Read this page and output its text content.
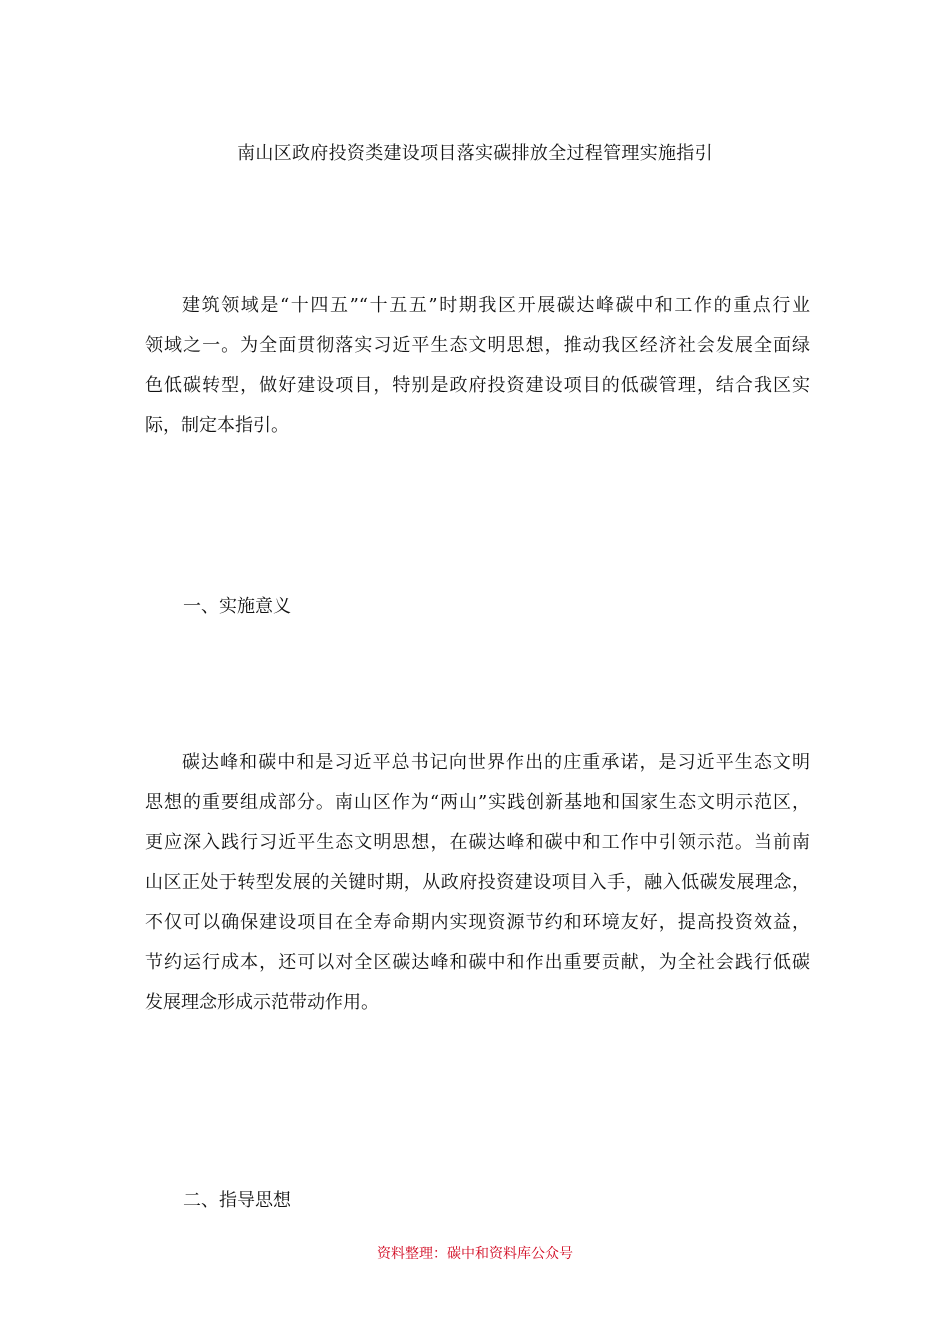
南山区政府投资类建设项目落实碳排放全过程管理实施指引
建筑领域是“十四五”“十五五”时期我区开展碳达峰碳中和工作的重点行业
领域之一。为全面贯彻落实习近平生态文明思想，推动我区经济社会发展全面绿
色低碳转型，做好建设项目，特别是政府投资建设项目的低碳管理，结合我区实
际，制定本指引。
一、实施意义
碳达峰和碳中和是习近平总书记向世界作出的庄重承诺，是习近平生态文明
思想的重要组成部分。南山区作为“两山”实践创新基地和国家生态文明示范区，
更应深入践行习近平生态文明思想，在碳达峰和碳中和工作中引领示范。当前南
山区正处于转型发展的关键时期，从政府投资建设项目入手，融入低碳发展理念，
不仅可以确保建设项目在全寿命期内实现资源节约和环境友好，提高投资效益，
节约运行成本，还可以对全区碳达峰和碳中和作出重要贡献，为全社会践行低碳
发展理念形成示范带动作用。
二、指导思想
资料整理：碳中和资料库公众号
